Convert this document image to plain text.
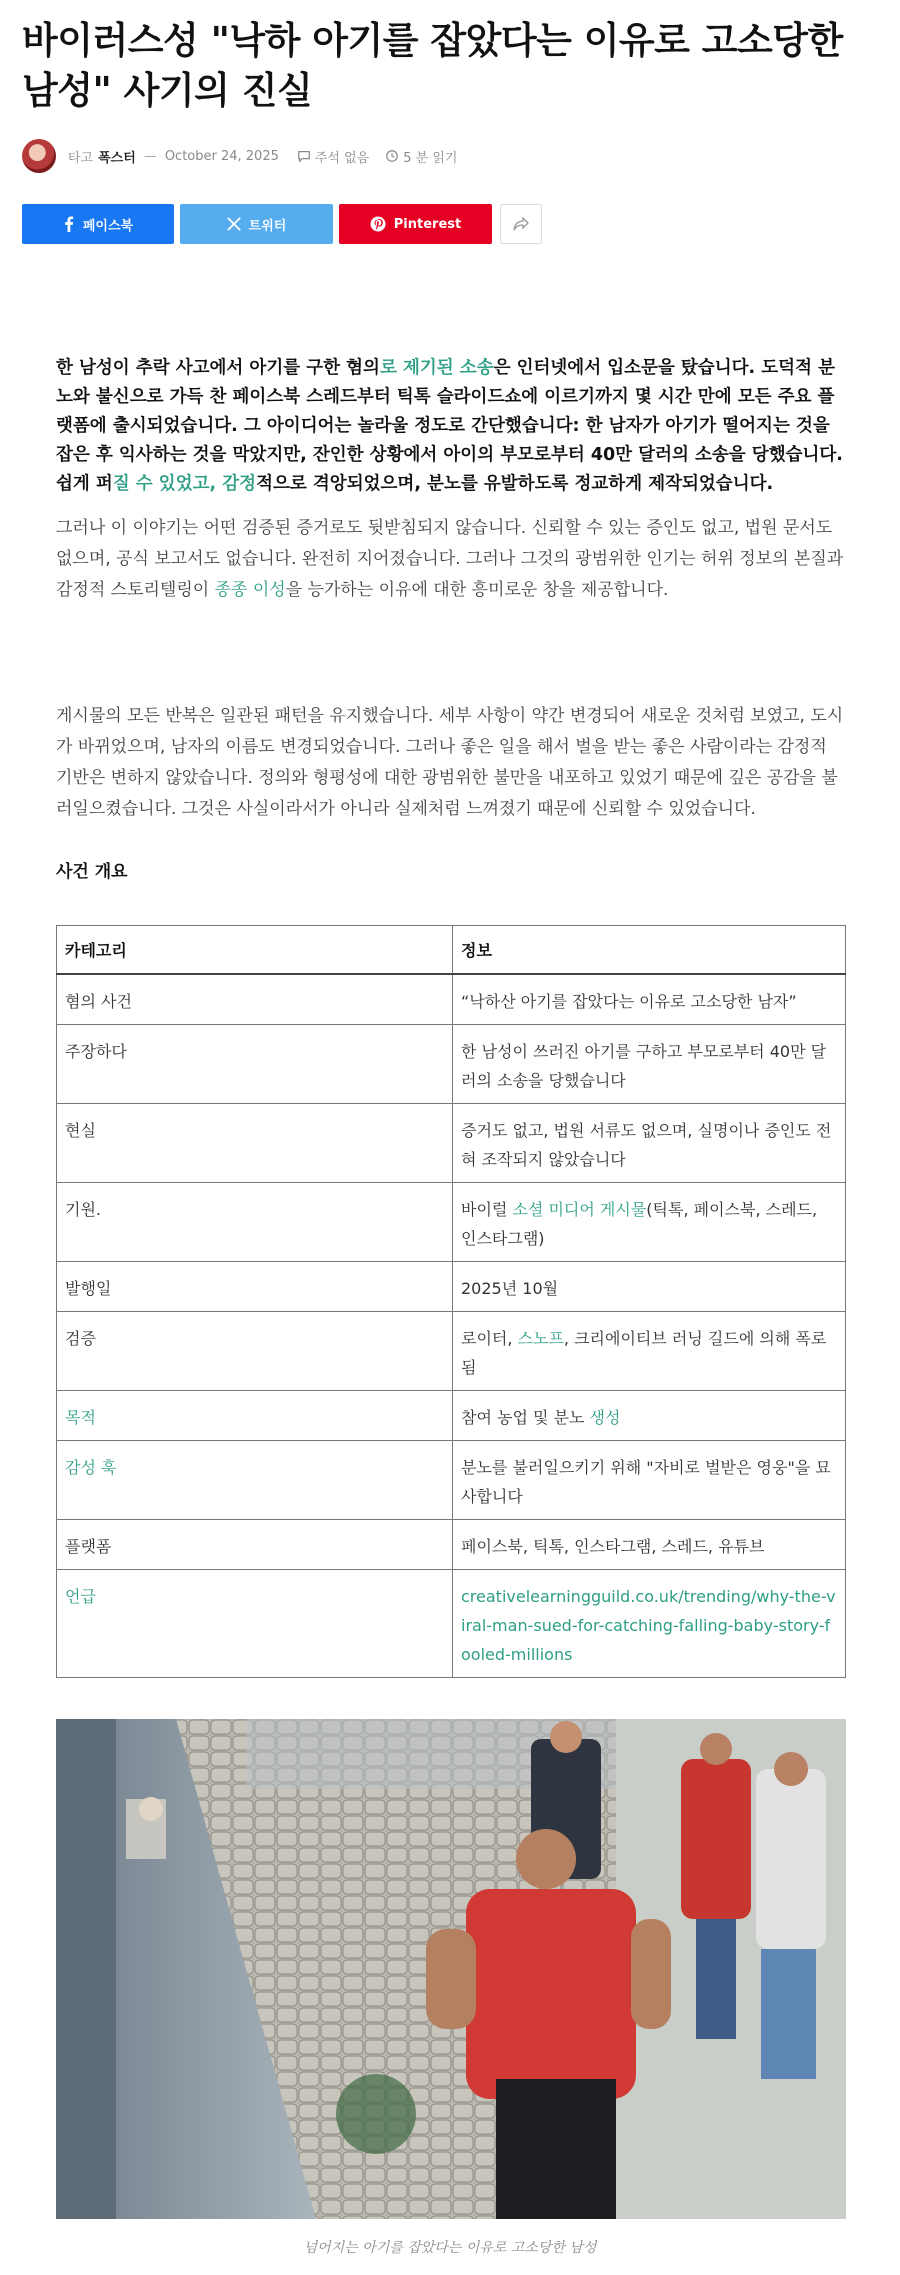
바이러스성 "낙하 아기를 잡았다는 이유로 고소당한 남성" 사기의 진실
타고 폭스터 — October 24, 2025	주석 없음	5 분 읽기
페이스북	트위터	Pinterest

한 남성이 추락 사고에서 아기를 구한 혐의로 제기된 소송은 인터넷에서 입소문을 탔습니다. 도덕적 분노와 불신으로 가득 찬 페이스북 스레드부터 틱톡 슬라이드쇼에 이르기까지 몇 시간 만에 모든 주요 플랫폼에 출시되었습니다. 그 아이디어는 놀라울 정도로 간단했습니다: 한 남자가 아기가 떨어지는 것을 잡은 후 익사하는 것을 막았지만, 잔인한 상황에서 아이의 부모로부터 40만 달러의 소송을 당했습니다. 쉽게 퍼질 수 있었고, 감정적으로 격앙되었으며, 분노를 유발하도록 정교하게 제작되었습니다.

그러나 이 이야기는 어떤 검증된 증거로도 뒷받침되지 않습니다. 신뢰할 수 있는 증인도 없고, 법원 문서도 없으며, 공식 보고서도 없습니다. 완전히 지어졌습니다. 그러나 그것의 광범위한 인기는 허위 정보의 본질과 감정적 스토리텔링이 종종 이성을 능가하는 이유에 대한 흥미로운 창을 제공합니다.

게시물의 모든 반복은 일관된 패턴을 유지했습니다. 세부 사항이 약간 변경되어 새로운 것처럼 보였고, 도시가 바뀌었으며, 남자의 이름도 변경되었습니다. 그러나 좋은 일을 해서 벌을 받는 좋은 사람이라는 감정적 기반은 변하지 않았습니다. 정의와 형평성에 대한 광범위한 불만을 내포하고 있었기 때문에 깊은 공감을 불러일으켰습니다. 그것은 사실이라서가 아니라 실제처럼 느껴졌기 때문에 신뢰할 수 있었습니다.

사건 개요
카테고리	정보
혐의 사건	“낙하산 아기를 잡았다는 이유로 고소당한 남자”
주장하다	한 남성이 쓰러진 아기를 구하고 부모로부터 40만 달러의 소송을 당했습니다
현실	증거도 없고, 법원 서류도 없으며, 실명이나 증인도 전혀 조작되지 않았습니다
기원.	바이럴 소셜 미디어 게시물(틱톡, 페이스북, 스레드, 인스타그램)
발행일	2025년 10월
검증	로이터, 스노프, 크리에이티브 러닝 길드에 의해 폭로됨
목적	참여 농업 및 분노 생성
감성 훅	분노를 불러일으키기 위해 "자비로 벌받은 영웅"을 묘사합니다
플랫폼	페이스북, 틱톡, 인스타그램, 스레드, 유튜브
언급	creativelearningguild.co.uk/trending/why-the-viral-man-sued-for-catching-falling-baby-story-fooled-millions
넘어지는 아기를 잡았다는 이유로 고소당한 남성
